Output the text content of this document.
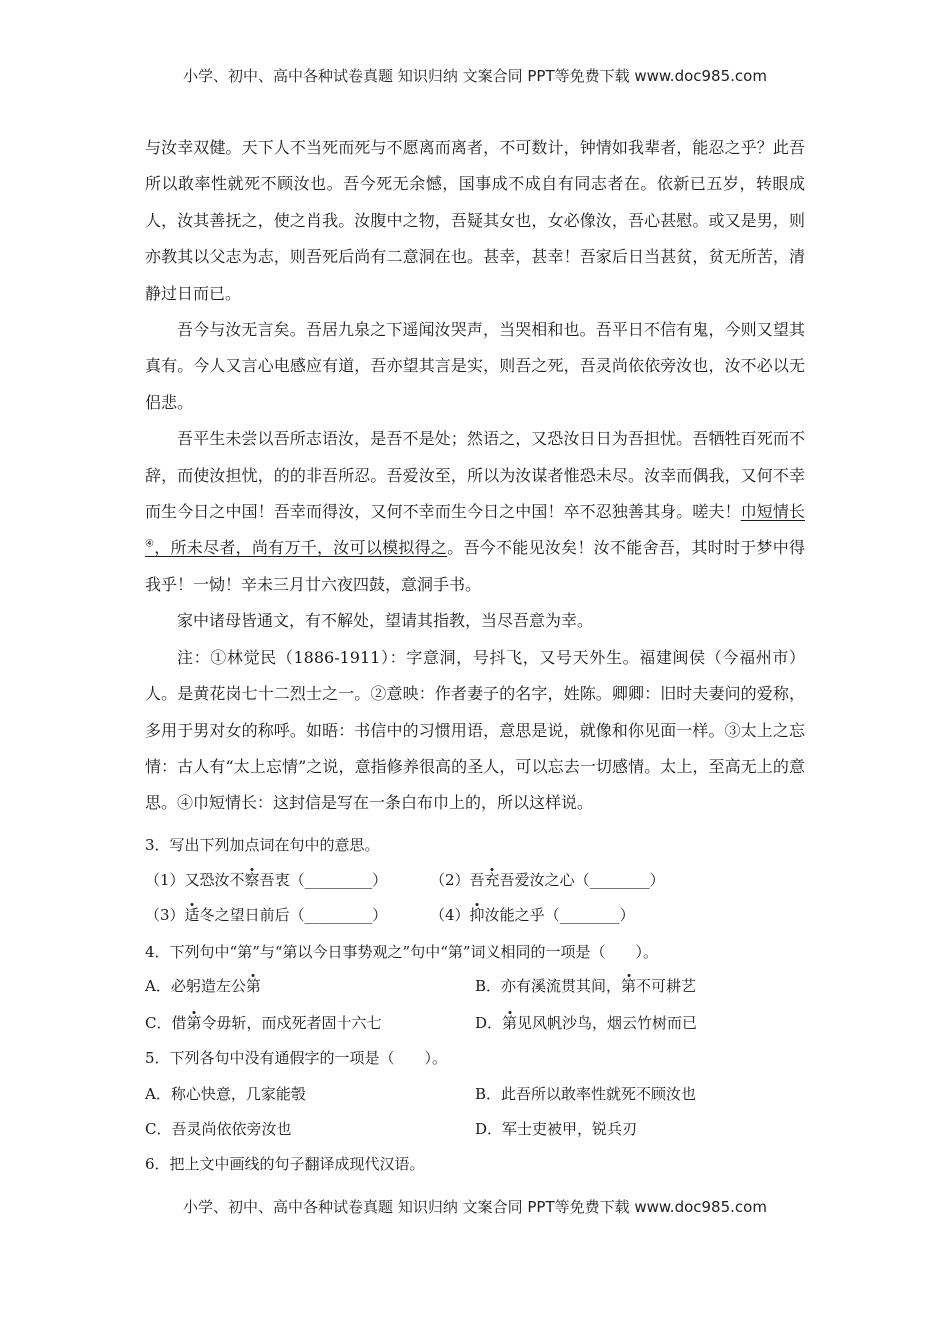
小学、初中、高中各种试卷真题 知识归纳 文案合同 PPT等免费下载 www.doc985.com

与汝幸双健。天下人不当死而死与不愿离而离者，不可数计，钟情如我辈者，能忍之乎？此吾所以敢率性就死不顾汝也。吾今死无余憾，国事成不成自有同志者在。依新已五岁，转眼成人，汝其善抚之，使之肖我。汝腹中之物，吾疑其女也，女必像汝，吾心甚慰。或又是男，则亦教其以父志为志，则吾死后尚有二意洞在也。甚幸，甚幸！吾家后日当甚贫，贫无所苦，清静过日而已。

吾今与汝无言矣。吾居九泉之下遥闻汝哭声，当哭相和也。吾平日不信有鬼，今则又望其真有。今人又言心电感应有道，吾亦望其言是实，则吾之死，吾灵尚依依旁汝也，汝不必以无侣悲。

吾平生未尝以吾所志语汝，是吾不是处；然语之，又恐汝日日为吾担忧。吾牺牲百死而不辞，而使汝担忧，的的非吾所忍。吾爱汝至，所以为汝谋者惟恐未尽。汝幸而偶我，又何不幸而生今日之中国！吾幸而得汝，又何不幸而生今日之中国！卒不忍独善其身。嗟夫！巾短情长④，所未尽者，尚有万千，汝可以模拟得之。吾今不能见汝矣！汝不能舍吾，其时时于梦中得我乎！一恸！辛未三月廿六夜四鼓，意洞手书。

家中诸母皆通文，有不解处，望请其指教，当尽吾意为幸。

注：①林觉民（1886-1911）：字意洞，号抖飞，又号天外生。福建闽侯（今福州市）人。是黄花岗七十二烈士之一。②意映：作者妻子的名字，姓陈。卿卿：旧时夫妻问的爱称，多用于男对女的称呼。如晤：书信中的习惯用语，意思是说，就像和你见面一样。③太上之忘情：古人有“太上忘情”之说，意指修养很高的圣人，可以忘去一切感情。太上，至高无上的意思。④巾短情长：这封信是写在一条白布巾上的，所以这样说。

3．写出下列加点词在句中的意思。
（1）又恐汝不察吾衷（_________）	（2）吾充吾爱汝之心（________）
（3）适冬之望日前后（_________）	（4）抑汝能之乎（________）
4．下列句中“第”与“第以今日事势观之”句中“第”词义相同的一项是（　　）。
A．必躬造左公第	B．亦有溪流贯其间，第不可耕艺
C．借第令毋斩，而戍死者固十六七	D．第见风帆沙鸟，烟云竹树而已
5．下列各句中没有通假字的一项是（　　）。
A．称心快意，几家能彀	B．此吾所以敢率性就死不顾汝也
C．吾灵尚依依旁汝也	D．军士吏被甲，锐兵刃
6．把上文中画线的句子翻译成现代汉语。
小学、初中、高中各种试卷真题 知识归纳 文案合同 PPT等免费下载 www.doc985.com
